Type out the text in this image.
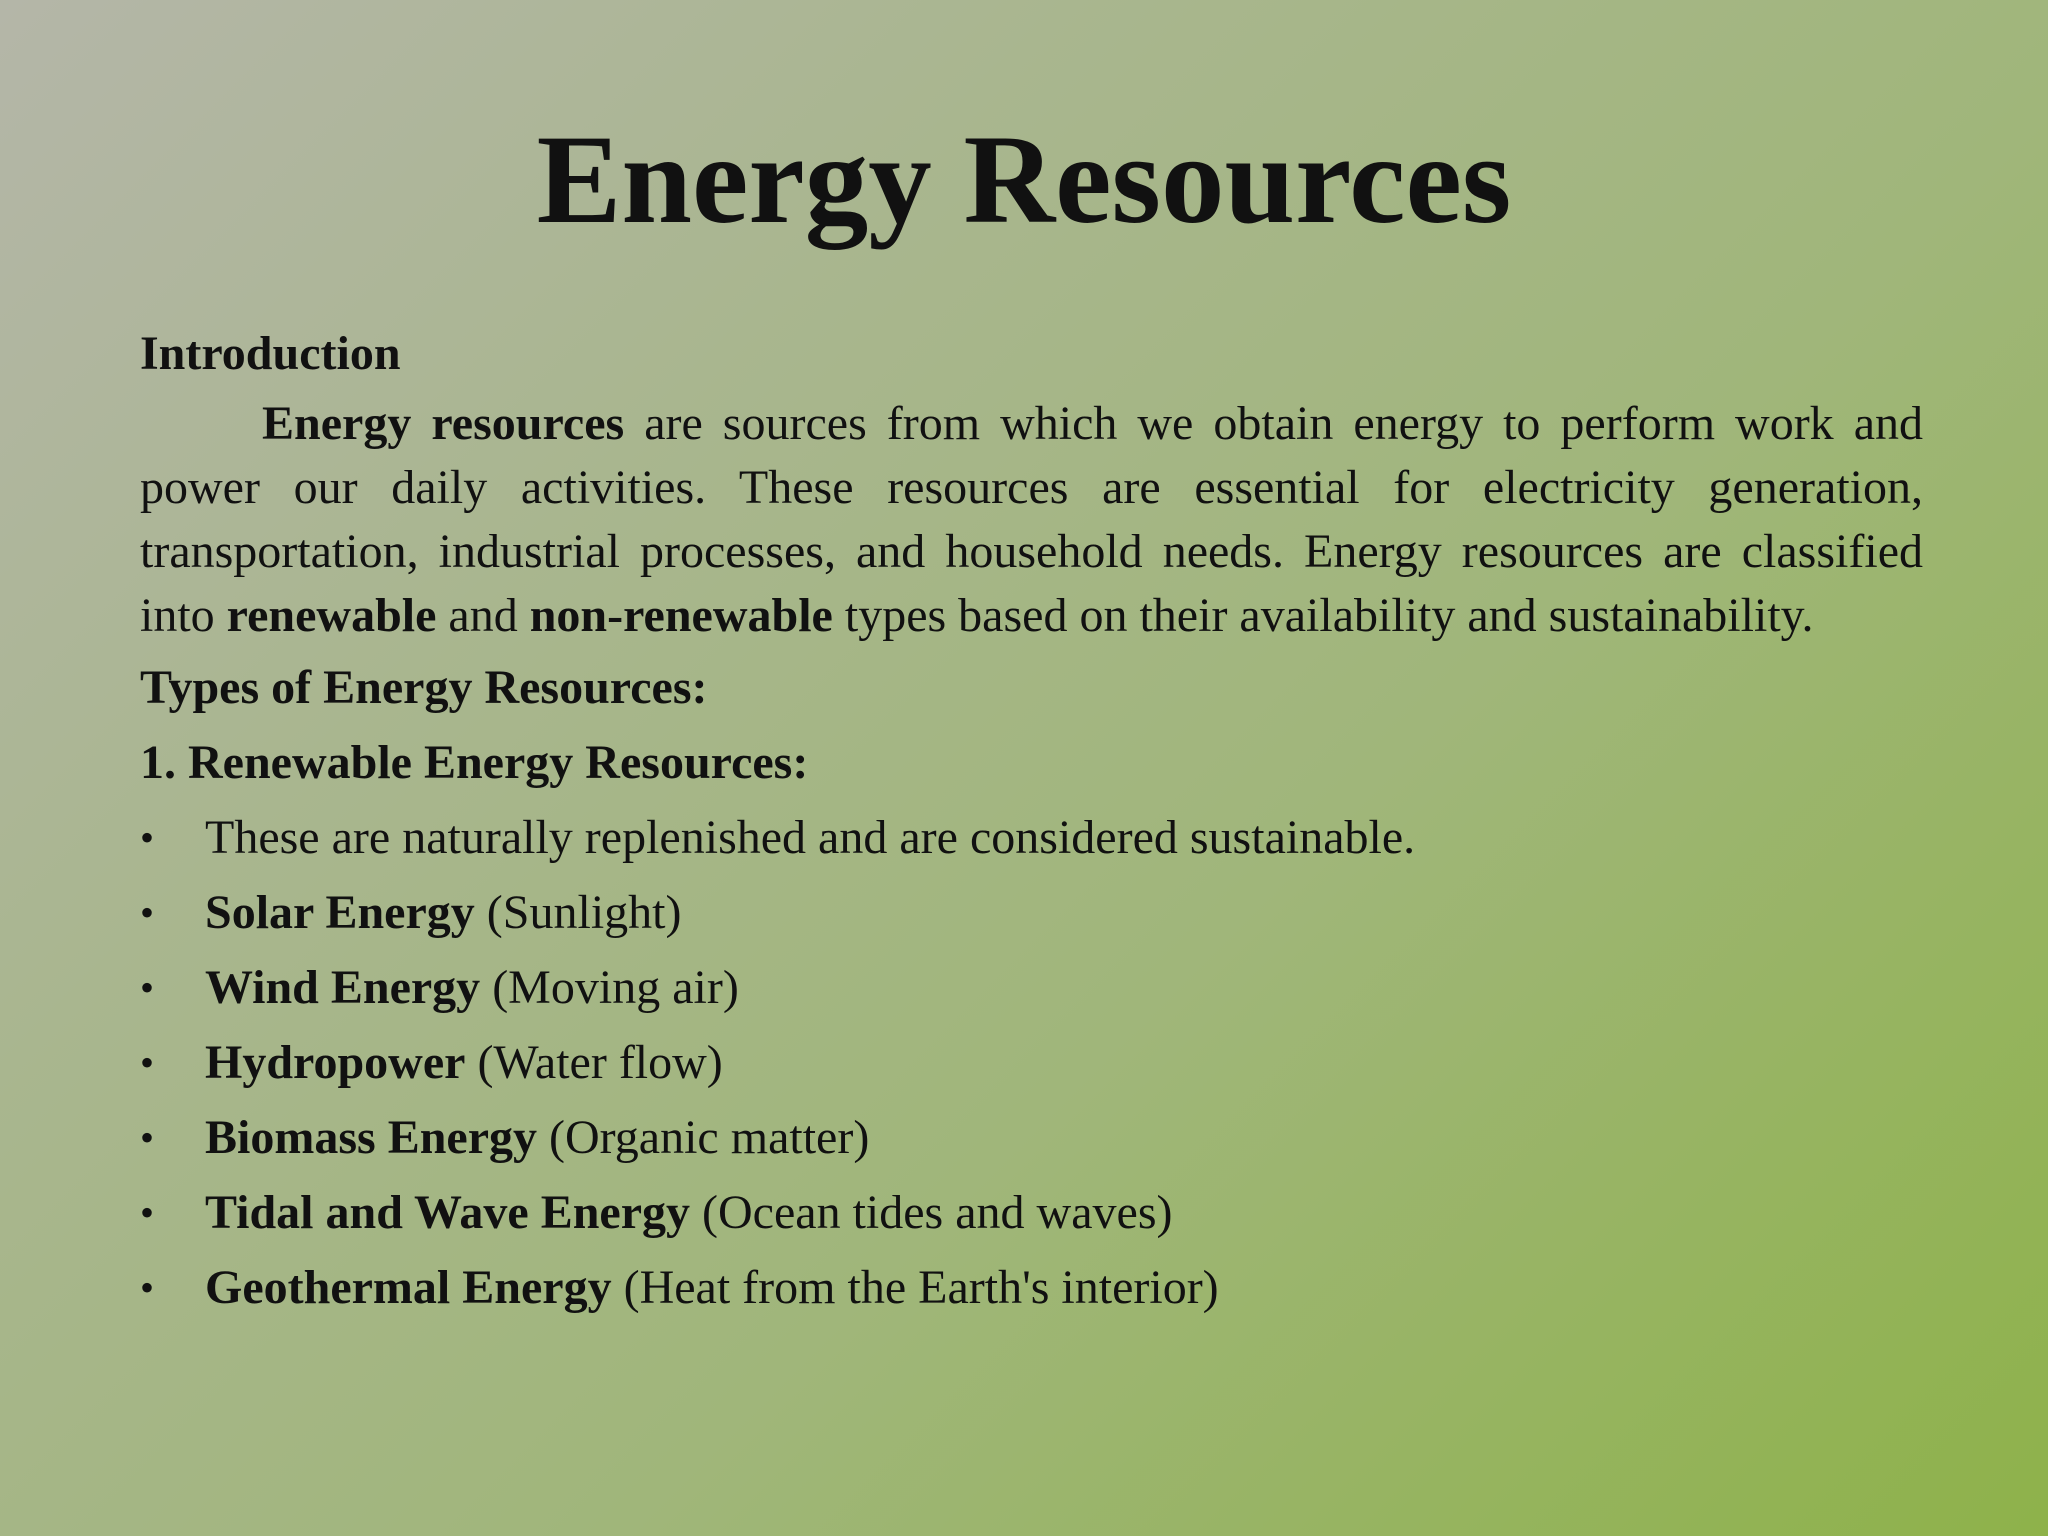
Energy Resources

Introduction

Energy resources are sources from which we obtain energy to perform work and power our daily activities. These resources are essential for electricity generation, transportation, industrial processes, and household needs. Energy resources are classified into renewable and non-renewable types based on their availability and sustainability.

Types of Energy Resources:

1. Renewable Energy Resources:

• These are naturally replenished and are considered sustainable.
• Solar Energy (Sunlight)
• Wind Energy (Moving air)
• Hydropower (Water flow)
• Biomass Energy (Organic matter)
• Tidal and Wave Energy (Ocean tides and waves)
• Geothermal Energy (Heat from the Earth's interior)
